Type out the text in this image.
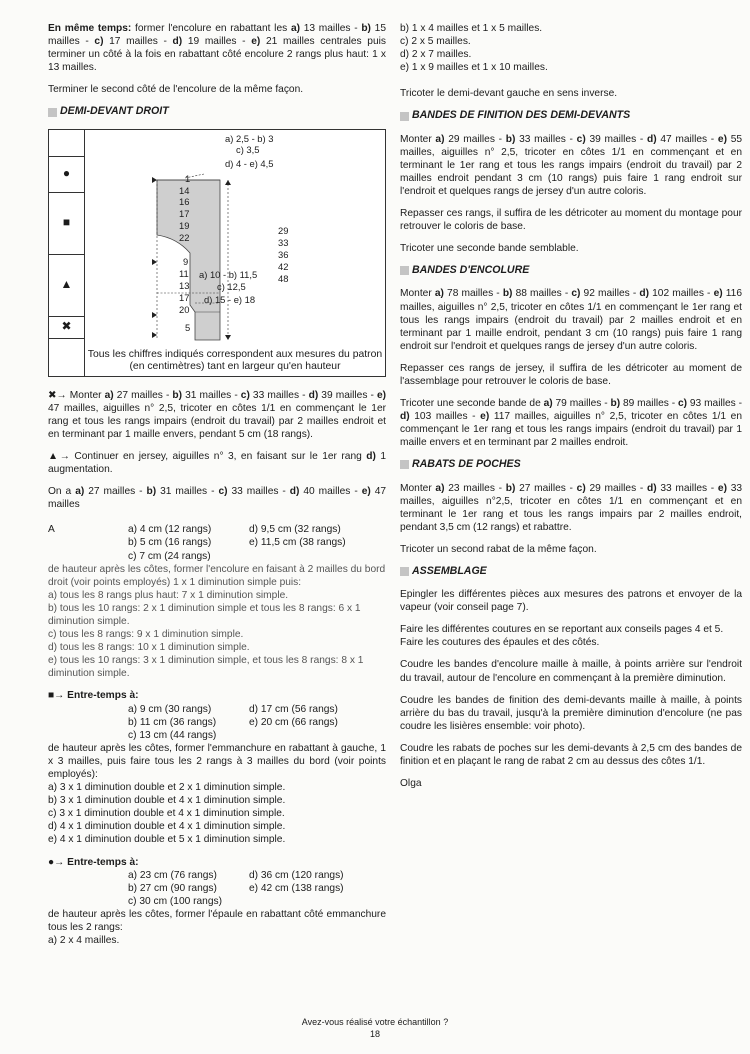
En même temps: former l'encolure en rabattant les a) 13 mailles - b) 15 mailles - c) 17 mailles - d) 19 mailles - e) 21 mailles centrales puis terminer un côté à la fois en rabattant côté encolure 2 rangs plus haut: 1 x 13 mailles.

Terminer le second côté de l'encolure de la même façon.

DEMI-DEVANT DROIT
●
■
▲
✖
a) 2,5 - b) 3
c) 3,5
d) 4 - e) 4,5
1
14
16
17
19
22
29
33
36
42
48
9
11
13
17
20
a) 10 - b) 11,5
c) 12,5
d) 15 - e) 18
5
Tous les chiffres indiqués correspondent aux mesures du patron (en centimètres) tant en largeur qu'en hauteur

✖→ Monter a) 27 mailles - b) 31 mailles - c) 33 mailles - d) 39 mailles - e) 47 mailles, aiguilles n° 2,5, tricoter en côtes 1/1 en commençant le 1er rang et tous les rangs impairs (endroit du travail) par 2 mailles endroit et en terminant par 1 maille envers, pendant 5 cm (18 rangs).

▲→ Continuer en jersey, aiguilles n° 3, en faisant sur le 1er rang d) 1 augmentation.

On a a) 27 mailles - b) 31 mailles - c) 33 mailles - d) 40 mailles - e) 47 mailles

A	a) 4 cm (12 rangs)	d) 9,5 cm (32 rangs)
b) 5 cm (16 rangs)	e) 11,5 cm (38 rangs)
c) 7 cm (24 rangs)
de hauteur après les côtes, former l'encolure en faisant à 2 mailles du bord droit (voir points employés) 1 x 1 diminution simple puis:
a) tous les 8 rangs plus haut: 7 x 1 diminution simple.
b) tous les 10 rangs: 2 x 1 diminution simple et tous les 8 rangs: 6 x 1 diminution simple.
c) tous les 8 rangs: 9 x 1 diminution simple.
d) tous les 8 rangs: 10 x 1 diminution simple.
e) tous les 10 rangs: 3 x 1 diminution simple, et tous les 8 rangs: 8 x 1 diminution simple.
■→ Entre-temps à:
a) 9 cm (30 rangs)	d) 17 cm (56 rangs)
b) 11 cm (36 rangs)	e) 20 cm (66 rangs)
c) 13 cm (44 rangs)
de hauteur après les côtes, former l'emmanchure en rabattant à gauche, 1 x 3 mailles, puis faire tous les 2 rangs à 3 mailles du bord (voir points employés):
a) 3 x 1 diminution double et 2 x 1 diminution simple.
b) 3 x 1 diminution double et 4 x 1 diminution simple.
c) 3 x 1 diminution double et 4 x 1 diminution simple.
d) 4 x 1 diminution double et 4 x 1 diminution simple.
e) 4 x 1 diminution double et 5 x 1 diminution simple.
●→ Entre-temps à:
a) 23 cm (76 rangs)	d) 36 cm (120 rangs)
b) 27 cm (90 rangs)	e) 42 cm (138 rangs)
c) 30 cm (100 rangs)
de hauteur après les côtes, former l'épaule en rabattant côté emmanchure tous les 2 rangs:
a) 2 x 4 mailles.
b) 1 x 4 mailles et 1 x 5 mailles.
c) 2 x 5 mailles.
d) 2 x 7 mailles.
e) 1 x 9 mailles et 1 x 10 mailles.

Tricoter le demi-devant gauche en sens inverse.

BANDES DE FINITION DES DEMI-DEVANTS

Monter a) 29 mailles - b) 33 mailles - c) 39 mailles - d) 47 mailles - e) 55 mailles, aiguilles n° 2,5, tricoter en côtes 1/1 en commençant et en terminant le 1er rang et tous les rangs impairs (endroit du travail) par 2 mailles endroit pendant 3 cm (10 rangs) puis faire 1 rang endroit sur l'endroit et quelques rangs de jersey d'un autre coloris.

Repasser ces rangs, il suffira de les détricoter au moment du montage pour retrouver le coloris de base.

Tricoter une seconde bande semblable.

BANDES D'ENCOLURE

Monter a) 78 mailles - b) 88 mailles - c) 92 mailles - d) 102 mailles - e) 116 mailles, aiguilles n° 2,5, tricoter en côtes 1/1 en commençant le 1er rang et tous les rangs impairs (endroit du travail) par 2 mailles endroit et en terminant par 1 maille endroit, pendant 3 cm (10 rangs) puis faire 1 rang endroit sur l'endroit et quelques rangs de jersey d'un autre coloris.

Repasser ces rangs de jersey, il suffira de les détricoter au moment de l'assemblage pour retrouver le coloris de base.

Tricoter une seconde bande de a) 79 mailles - b) 89 mailles - c) 93 mailles - d) 103 mailles - e) 117 mailles, aiguilles n° 2,5, tricoter en côtes 1/1 en commençant le 1er rang et tous les rangs impairs (endroit du travail) par 1 maille envers et en terminant par 2 mailles endroit.

RABATS DE POCHES

Monter a) 23 mailles - b) 27 mailles - c) 29 mailles - d) 33 mailles - e) 33 mailles, aiguilles n°2,5, tricoter en côtes 1/1 en commençant et en terminant le 1er rang et tous les rangs impairs par 2 mailles endroit, pendant 3,5 cm (12 rangs) et rabattre.

Tricoter un second rabat de la même façon.

ASSEMBLAGE

Epingler les différentes pièces aux mesures des patrons et envoyer de la vapeur (voir conseil page 7).

Faire les différentes coutures en se reportant aux conseils pages 4 et 5.

Faire les coutures des épaules et des côtés.

Coudre les bandes d'encolure maille à maille, à points arrière sur l'endroit du travail, autour de l'encolure en commençant à la première diminution.

Coudre les bandes de finition des demi-devants maille à maille, à points arrière du bas du travail, jusqu'à la première diminution d'encolure (ne pas coudre les lisières ensemble: voir photo).

Coudre les rabats de poches sur les demi-devants à 2,5 cm des bandes de finition et en plaçant le rang de rabat 2 cm au dessus des côtes 1/1.

Olga

Avez-vous réalisé votre échantillon ?
18
